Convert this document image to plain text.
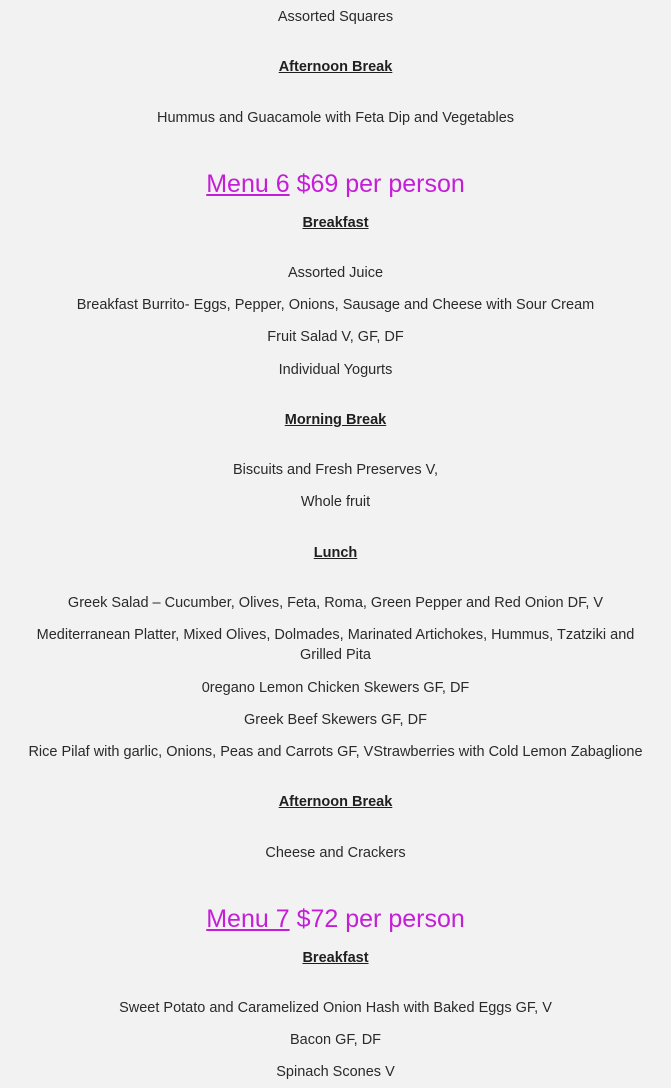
Assorted Squares
Afternoon Break
Hummus and Guacamole with Feta Dip and Vegetables
Menu 6 $69 per person
Breakfast
Assorted Juice
Breakfast Burrito- Eggs, Pepper, Onions, Sausage and Cheese with Sour Cream
Fruit Salad V, GF, DF
Individual Yogurts
Morning Break
Biscuits and Fresh Preserves V,
Whole fruit
Lunch
Greek Salad – Cucumber, Olives, Feta, Roma, Green Pepper and Red Onion DF, V
Mediterranean Platter, Mixed Olives, Dolmades, Marinated Artichokes, Hummus, Tzatziki and Grilled Pita
0regano Lemon Chicken Skewers GF, DF
Greek Beef Skewers GF, DF
Rice Pilaf with garlic, Onions, Peas and Carrots GF, VStrawberries with Cold Lemon Zabaglione
Afternoon Break
Cheese and Crackers
Menu 7 $72 per person
Breakfast
Sweet Potato and Caramelized Onion Hash with Baked Eggs GF, V
Bacon GF, DF
Spinach Scones V
